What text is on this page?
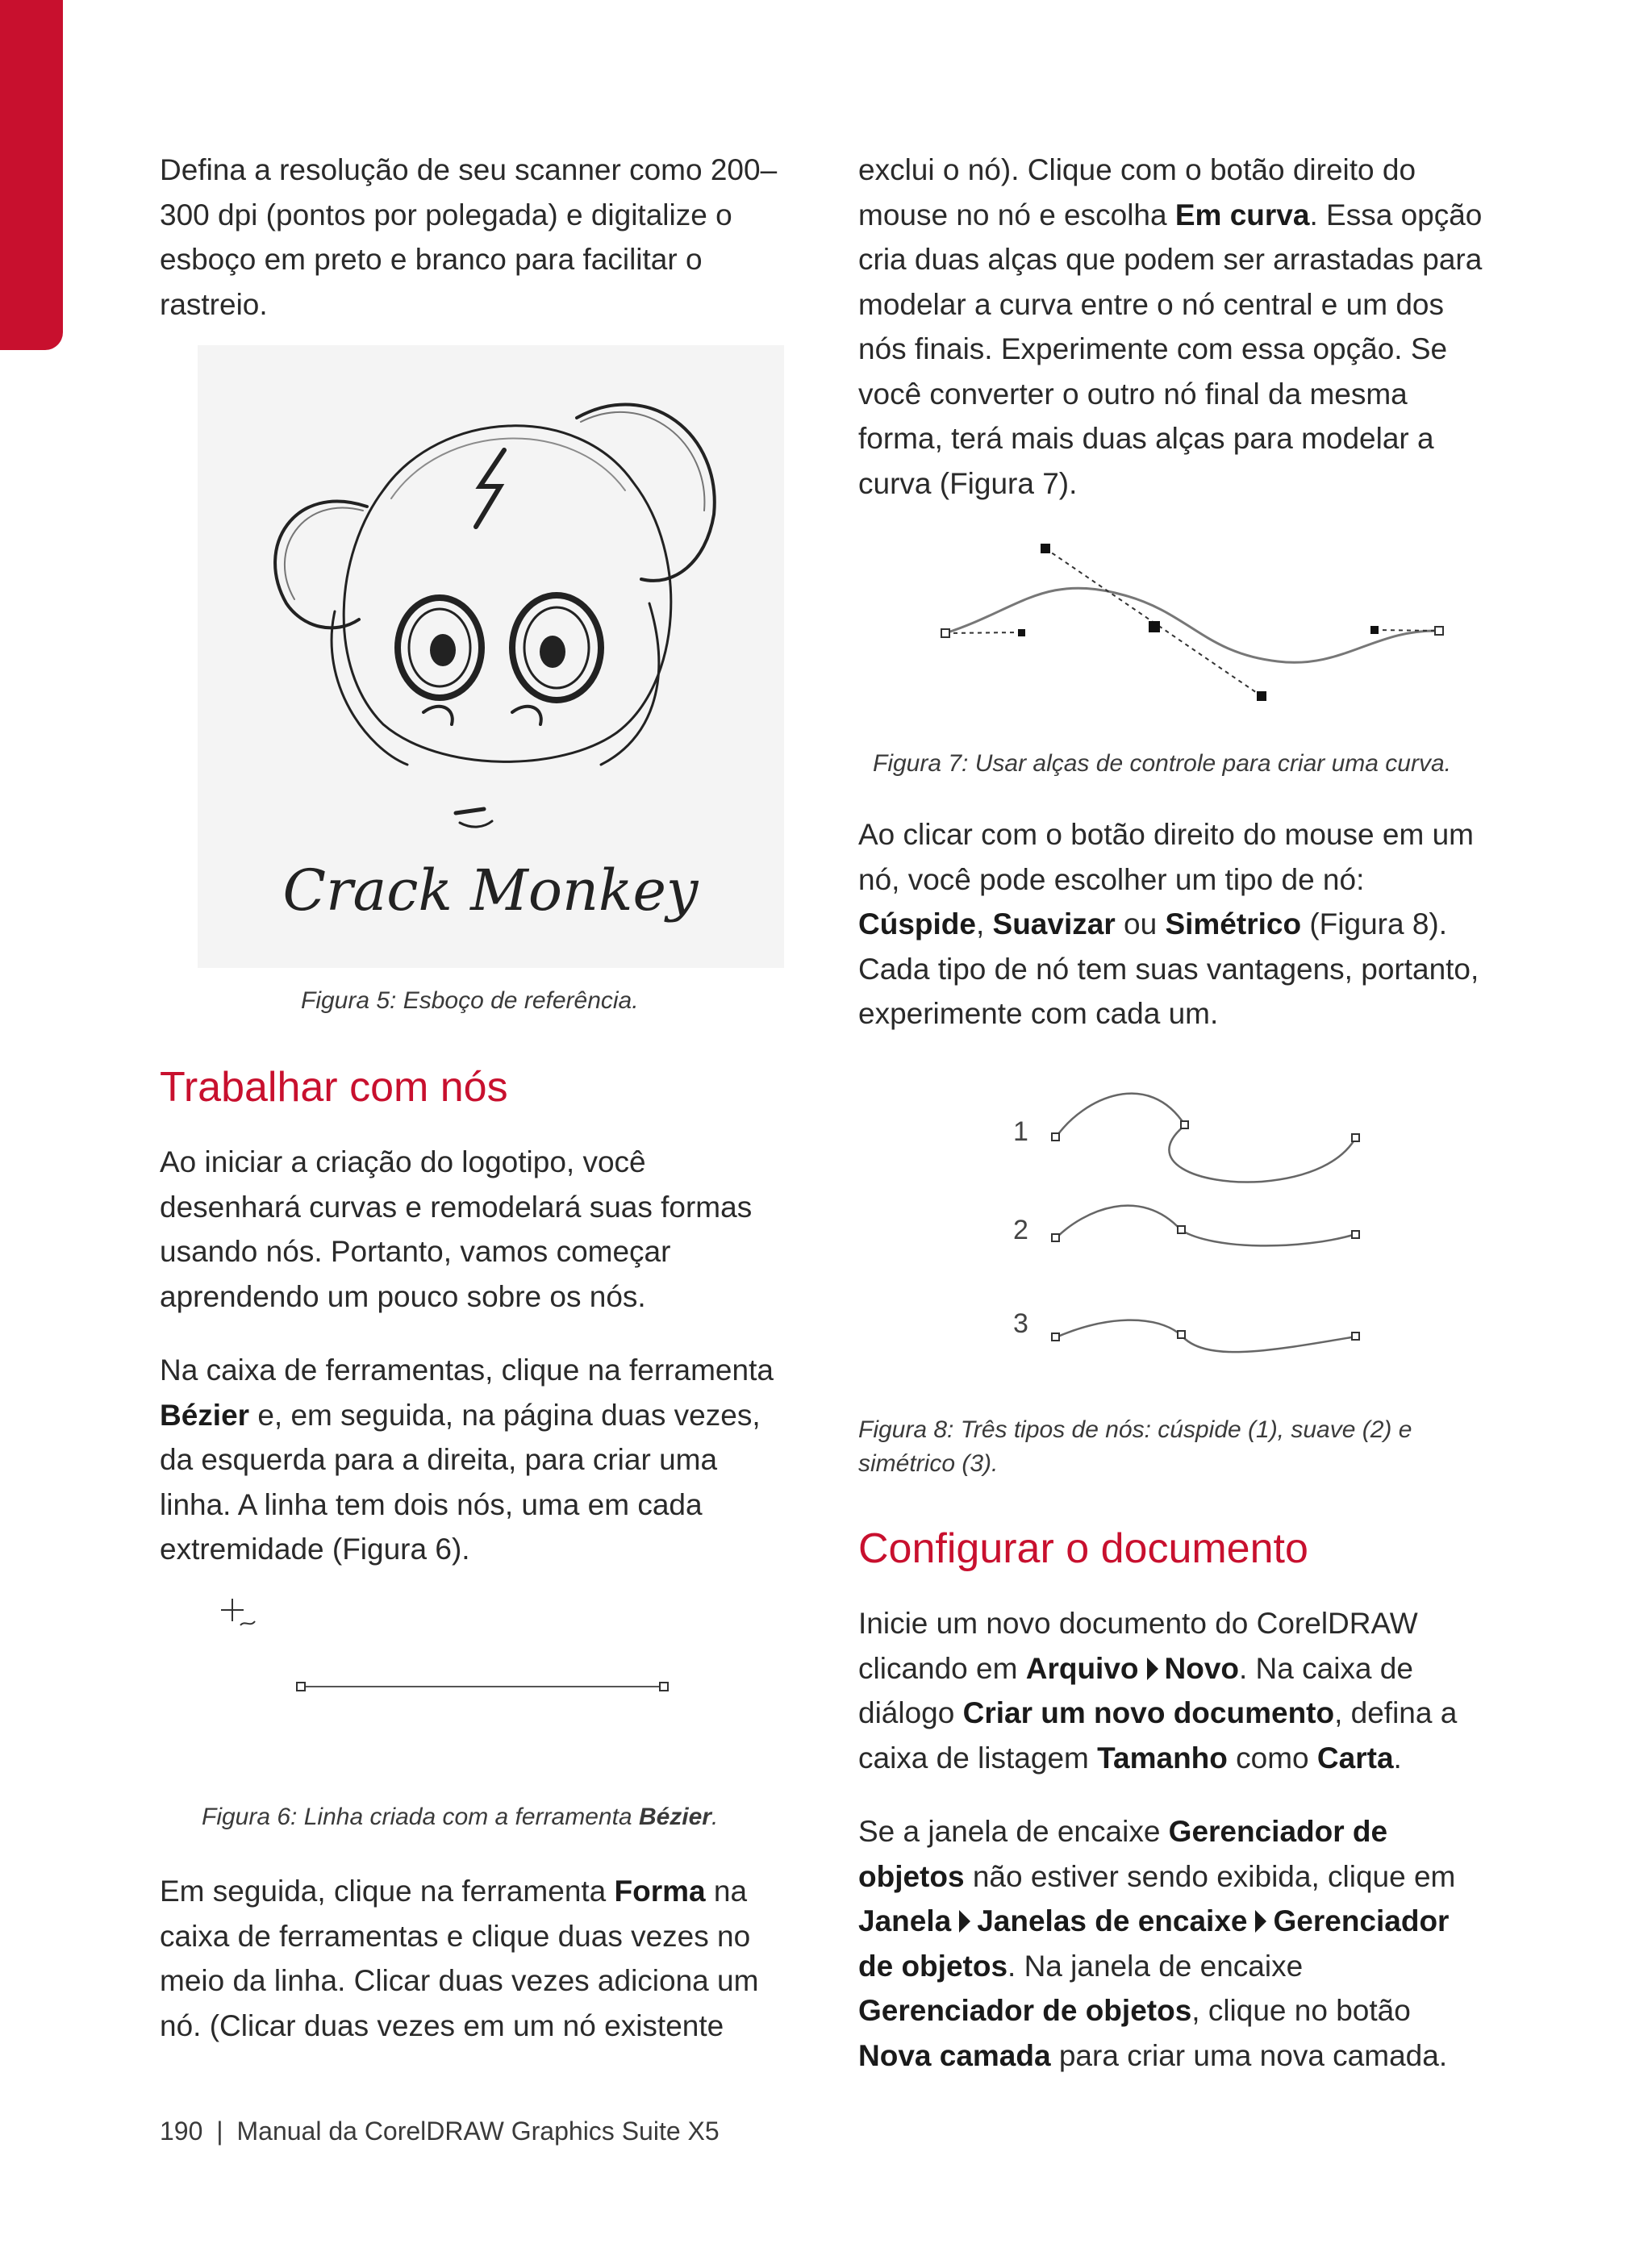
Defina a resolução de seu scanner como 200–
300 dpi (pontos por polegada) e digitalize o
esboço em preto e branco para facilitar o
rastreio.

Crack Monkey

Figura 5: Esboço de referência.

Trabalhar com nós

Ao iniciar a criação do logotipo, você
desenhará curvas e remodelará suas formas
usando nós. Portanto, vamos começar
aprendendo um pouco sobre os nós.

Na caixa de ferramentas, clique na ferramenta
Bézier e, em seguida, na página duas vezes,
da esquerda para a direita, para criar uma
linha. A linha tem dois nós, uma em cada
extremidade (Figura 6).

Figura 6: Linha criada com a ferramenta Bézier.

Em seguida, clique na ferramenta Forma na
caixa de ferramentas e clique duas vezes no
meio da linha. Clicar duas vezes adiciona um
nó. (Clicar duas vezes em um nó existente

exclui o nó). Clique com o botão direito do
mouse no nó e escolha Em curva. Essa opção
cria duas alças que podem ser arrastadas para
modelar a curva entre o nó central e um dos
nós finais. Experimente com essa opção. Se
você converter o outro nó final da mesma
forma, terá mais duas alças para modelar a
curva (Figura 7).

Figura 7: Usar alças de controle para criar uma curva.

Ao clicar com o botão direito do mouse em um
nó, você pode escolher um tipo de nó:
Cúspide, Suavizar ou Simétrico (Figura 8).
Cada tipo de nó tem suas vantagens, portanto,
experimente com cada um.

1
2
3

Figura 8: Três tipos de nós: cúspide (1), suave (2) e
simétrico (3).

Configurar o documento

Inicie um novo documento do CorelDRAW
clicando em Arquivo Novo. Na caixa de
diálogo Criar um novo documento, defina a
caixa de listagem Tamanho como Carta.

Se a janela de encaixe Gerenciador de
objetos não estiver sendo exibida, clique em
Janela Janelas de encaixe Gerenciador
de objetos. Na janela de encaixe
Gerenciador de objetos, clique no botão
Nova camada para criar uma nova camada.

190 | Manual da CorelDRAW Graphics Suite X5
